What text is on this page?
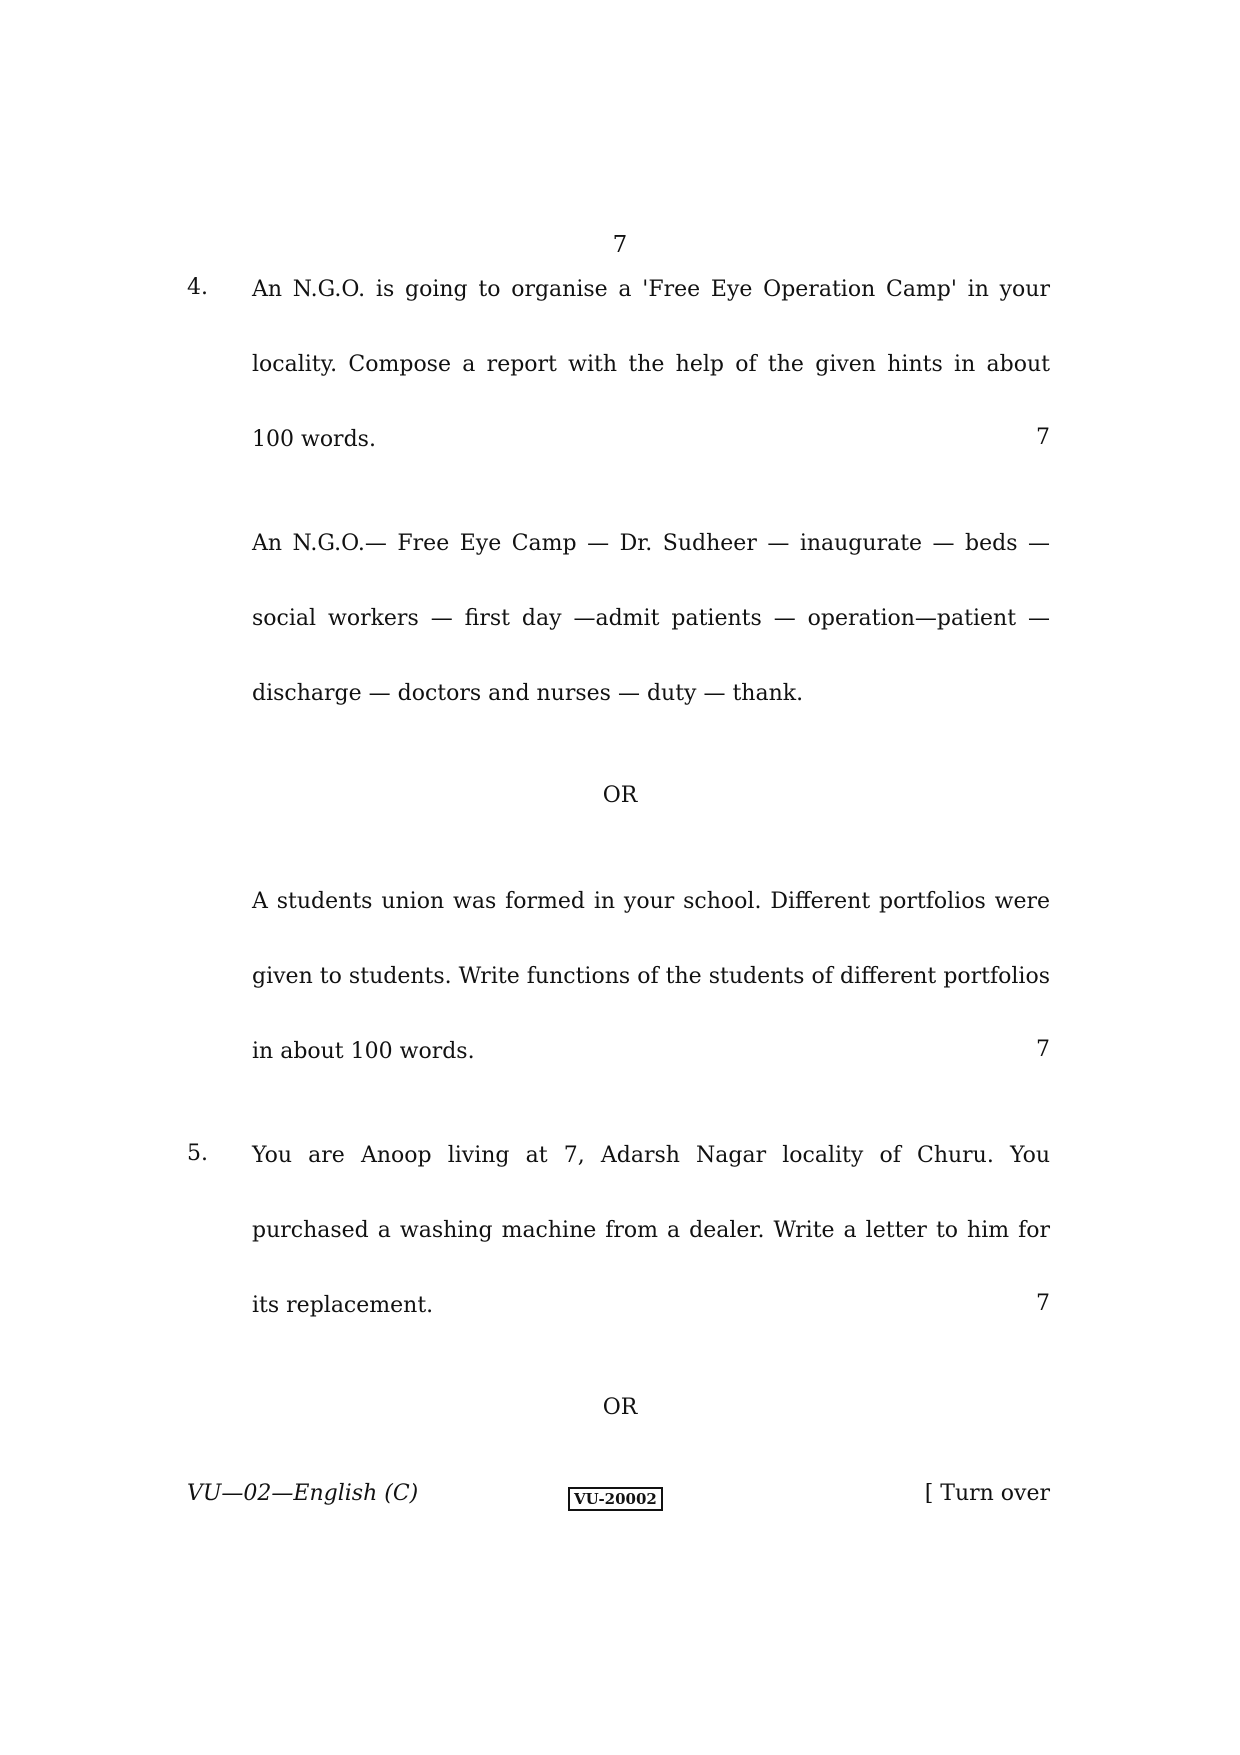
7
4. An N.G.O. is going to organise a 'Free Eye Operation Camp' in your
locality. Compose a report with the help of the given hints in about
100 words.	7
An N.G.O.— Free Eye Camp — Dr. Sudheer — inaugurate — beds —
social workers — first day —admit patients — operation—patient —
discharge — doctors and nurses — duty — thank.
OR
A students union was formed in your school. Different portfolios were
given to students. Write functions of the students of different portfolios
in about 100 words.	7
5. You are Anoop living at 7, Adarsh Nagar locality of Churu. You
purchased a washing machine from a dealer. Write a letter to him for
its replacement.	7
OR
VU—02—English (C)	VU-20002	[ Turn over
